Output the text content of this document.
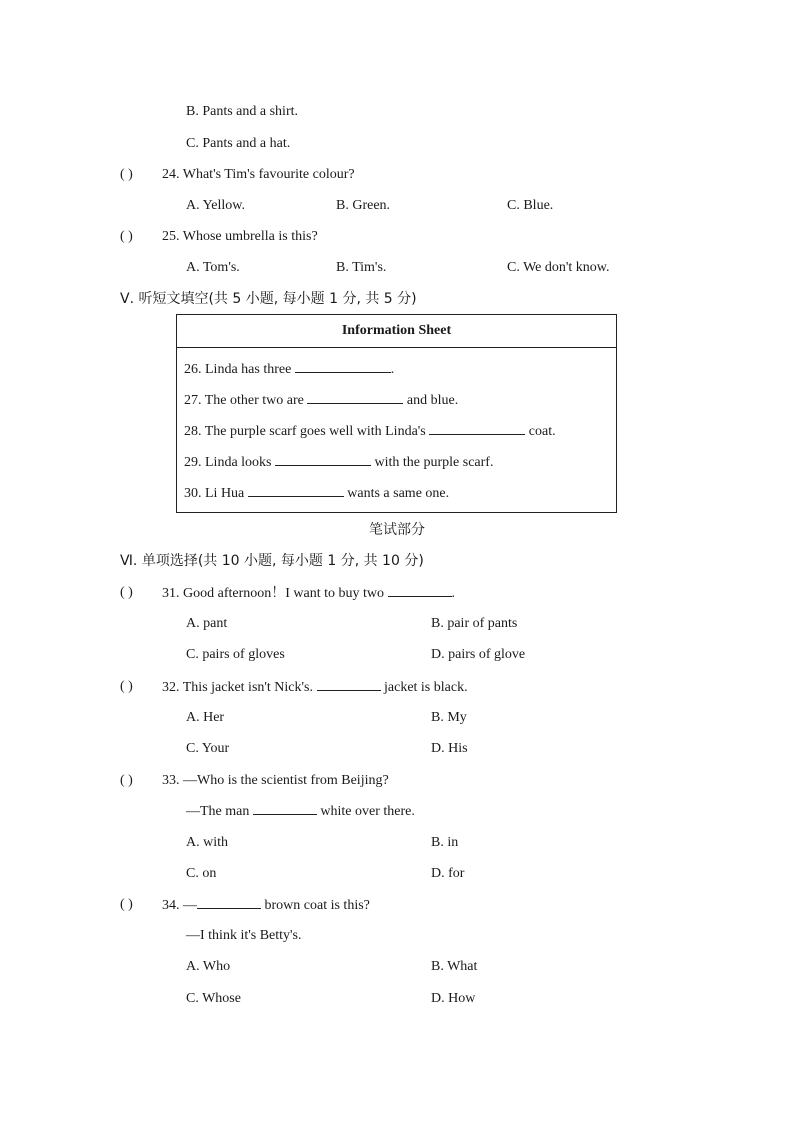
B. Pants and a shirt.
C. Pants and a hat.
( ) 24. What's Tim's favourite colour?
A. Yellow.	B. Green.	C. Blue.
( ) 25. Whose umbrella is this?
A. Tom's.	B. Tim's.	C. We don't know.
Ⅴ. 听短文填空(共 5 小题, 每小题 1 分, 共 5 分)
Information Sheet
26. Linda has three	.
27. The other two are	and blue.
28. The purple scarf goes well with Linda's	coat.
29. Linda looks	with the purple scarf.
30. Li Hua	wants a same one.
笔试部分
Ⅵ. 单项选择(共 10 小题, 每小题 1 分, 共 10 分)
( ) 31. Good afternoon！I want to buy two	.
A. pant	B. pair of pants
C. pairs of gloves	D. pairs of glove
( ) 32. This jacket isn't Nick's.	jacket is black.
A. Her	B. My
C. Your	D. His
( ) 33. —Who is the scientist from Beijing?
—The man	white over there.
A. with	B. in
C. on	D. for
( ) 34. —	brown coat is this?
—I think it's Betty's.
A. Who	B. What
C. Whose	D. How
